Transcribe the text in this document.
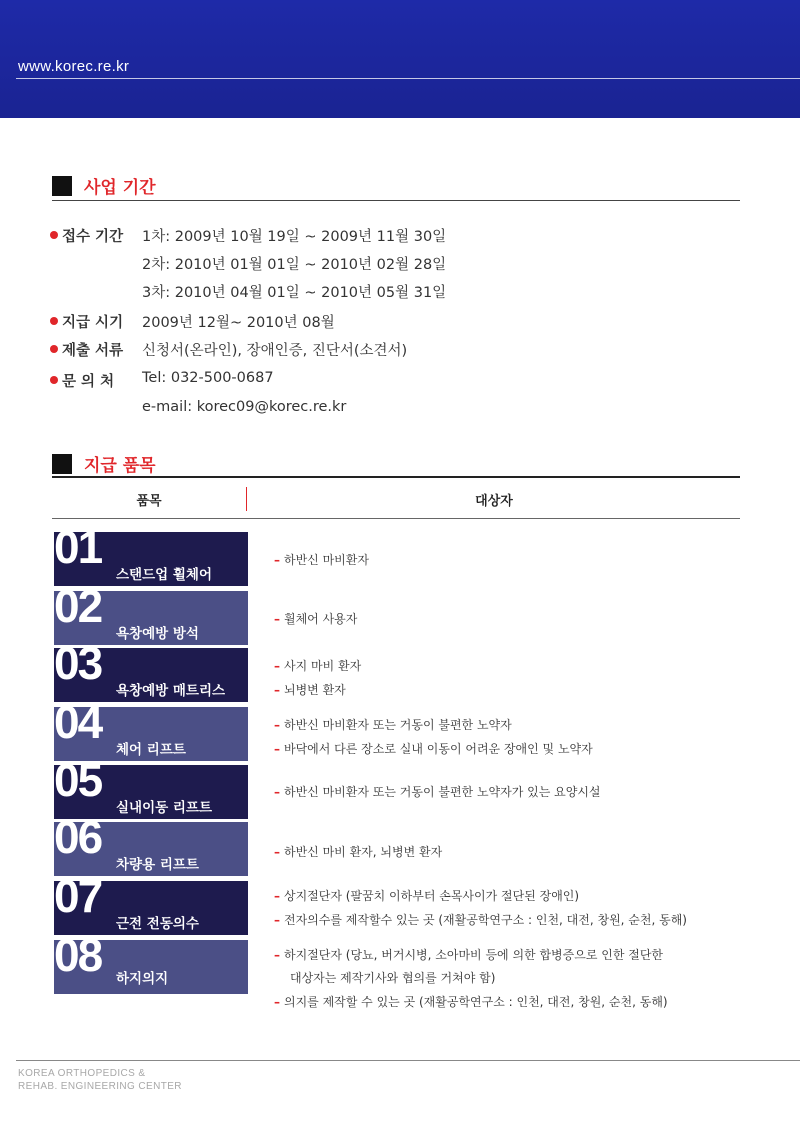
www.korec.re.kr
사업 기간
접수 기간 1차: 2009년 10월 19일 ~ 2009년 11월 30일
2차: 2010년 01월 01일 ~ 2010년 02월 28일
3차: 2010년 04월 01일 ~ 2010년 05월 31일
지급 시기 2009년 12월~ 2010년 08월
제출 서류 신청서(온라인), 장애인증, 진단서(소견서)
문 의 처 Tel: 032-500-0687
e-mail: korec09@korec.re.kr
지급 품목
품목	대상자
01
스탠드업 휠체어
– 하반신 마비환자
02
욕창예방 방석
– 휠체어 사용자
03
욕창예방 매트리스
– 사지 마비 환자
– 뇌병변 환자
04
체어 리프트
– 하반신 마비환자 또는 거동이 불편한 노약자
– 바닥에서 다른 장소로 실내 이동이 어려운 장애인 및 노약자
05
실내이동 리프트
– 하반신 마비환자 또는 거동이 불편한 노약자가 있는 요양시설
06
차량용 리프트
– 하반신 마비 환자, 뇌병변 환자
07
근전 전동의수
– 상지절단자 (팔꿈치 이하부터 손목사이가 절단된 장애인)
– 전자의수를 제작할수 있는 곳 (재활공학연구소 : 인천, 대전, 창원, 순천, 동해)
08 하지의지
– 하지절단자 (당뇨, 버거시병, 소아마비 등에 의한 합병증으로 인한 절단한
대상자는 제작기사와 협의를 거쳐야 함)
– 의지를 제작할 수 있는 곳 (재활공학연구소 : 인천, 대전, 창원, 순천, 동해)
KOREA ORTHOPEDICS &
REHAB. ENGINEERING CENTER
